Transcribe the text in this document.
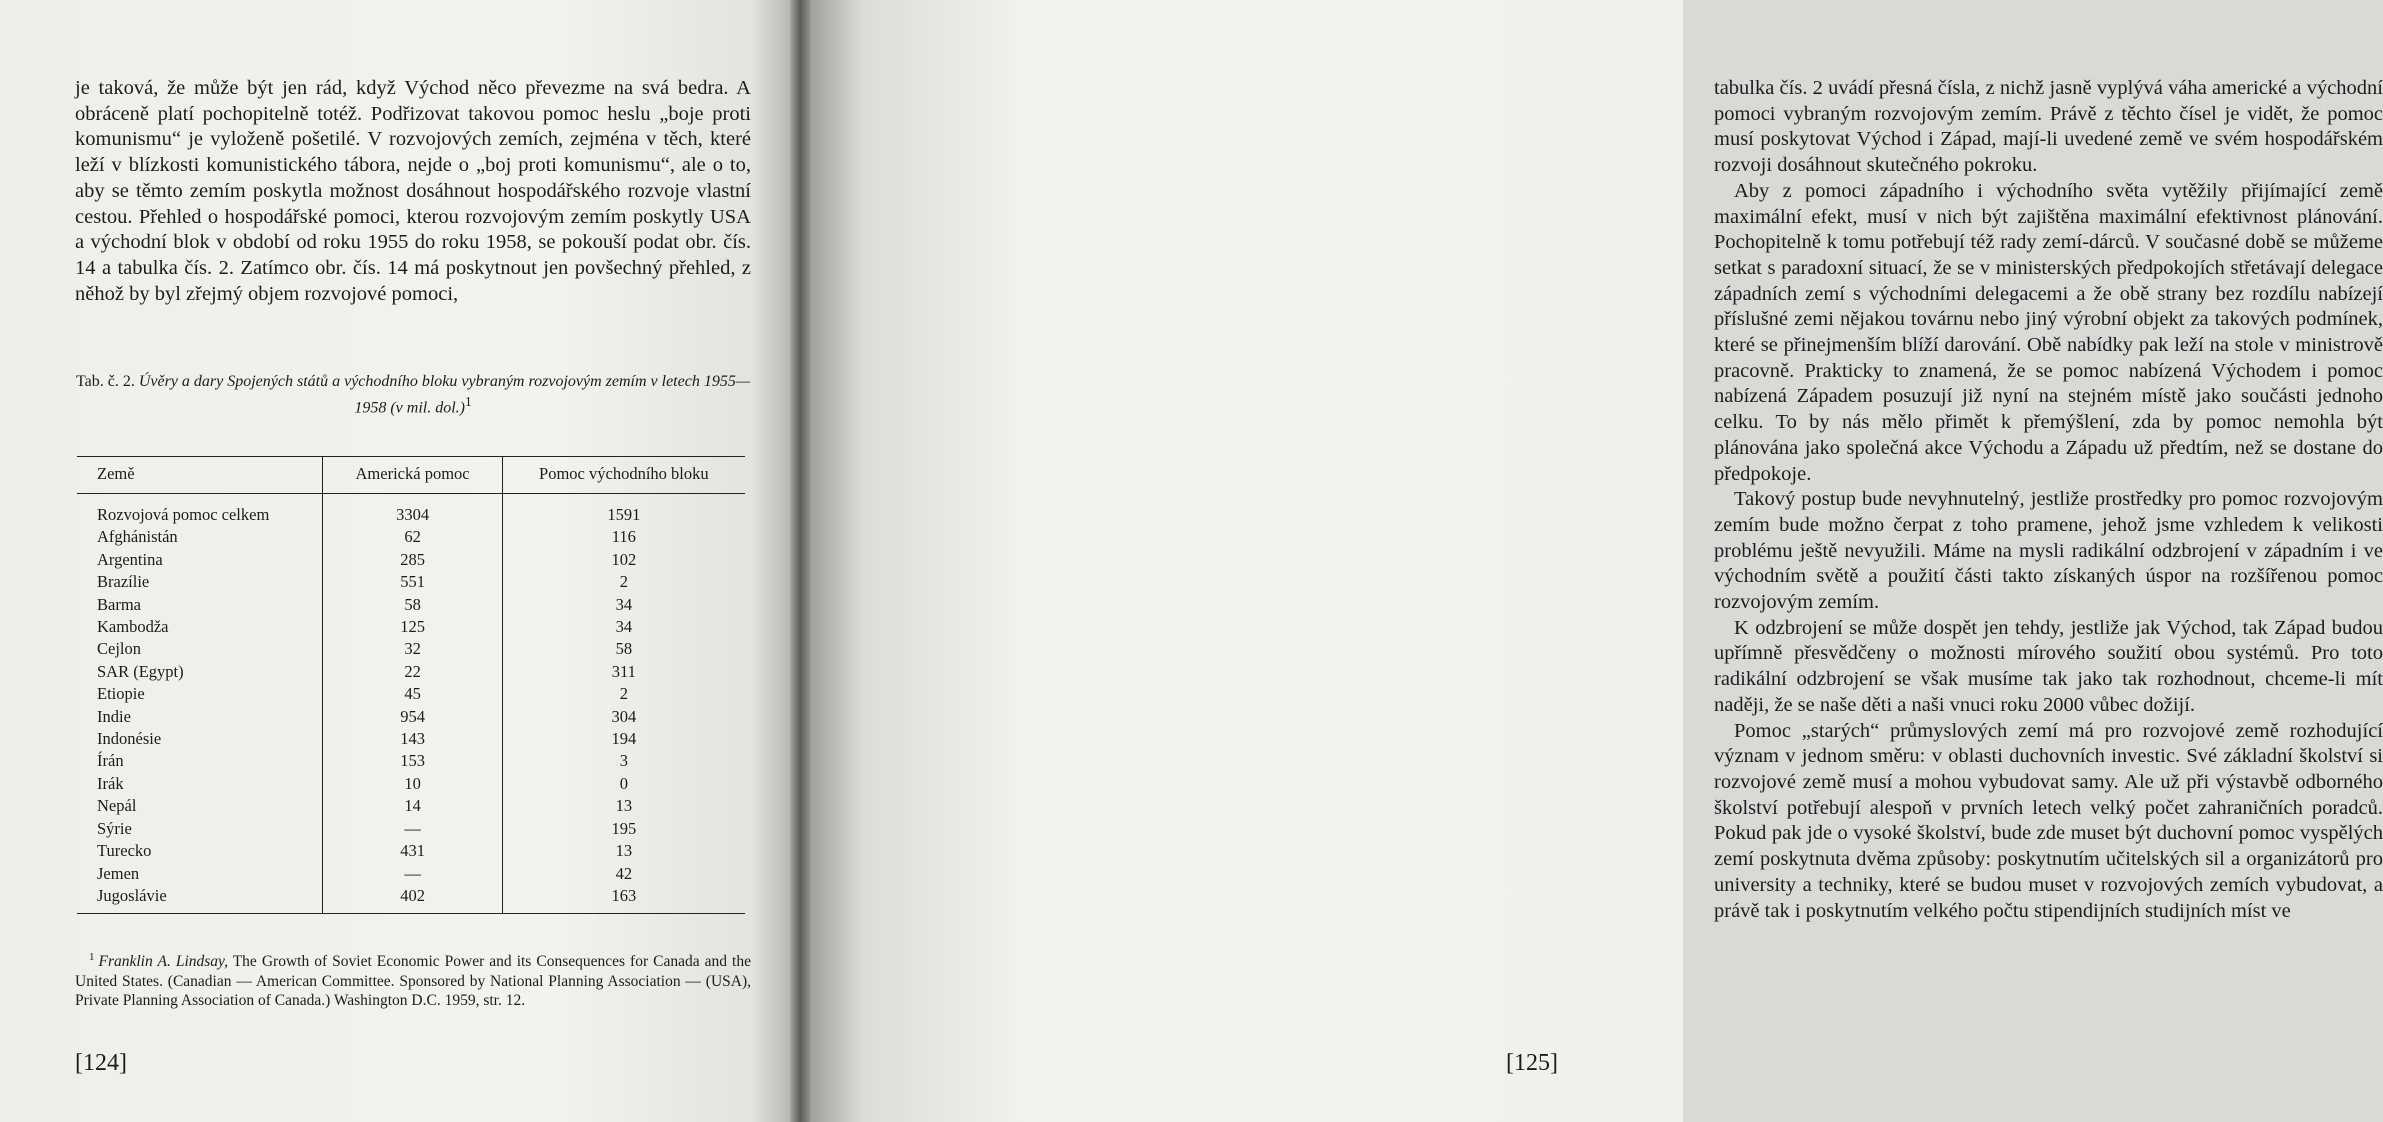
je taková, že může být jen rád, když Východ něco převezme na svá bedra. A obráceně platí pochopitelně totéž. Podřizovat takovou pomoc heslu „boje proti komunismu“ je vyloženě pošetilé. V rozvojových zemích, zejména v těch, které leží v blízkosti komunistického tábora, nejde o „boj proti komunismu“, ale o to, aby se těmto zemím poskytla možnost dosáhnout hospodářského rozvoje vlastní cestou. Přehled o hospodářské pomoci, kterou rozvojovým zemím poskytly USA a východní blok v období od roku 1955 do roku 1958, se pokouší podat obr. čís. 14 a tabulka čís. 2. Zatímco obr. čís. 14 má poskytnout jen povšechný přehled, z něhož by byl zřejmý objem rozvojové pomoci,

Tab. č. 2. Úvěry a dary Spojených států a východního bloku vybraným rozvojovým zemím v letech 1955—1958 (v mil. dol.)$^1$
Země	Americká pomoc	Pomoc východního bloku
Rozvojová pomoc celkem	3304	1591
Afghánistán	62	116
Argentina	285	102
Brazílie	551	2
Barma	58	34
Kambodža	125	34
Cejlon	32	58
SAR (Egypt)	22	311
Etiopie	45	2
Indie	954	304
Indonésie	143	194
Írán	153	3
Irák	10	0
Nepál	14	13
Sýrie	—	195
Turecko	431	13
Jemen	—	42
Jugoslávie	402	163
$^1$ Franklin A. Lindsay, The Growth of Soviet Economic Power and its Consequences for Canada and the United States. (Canadian — American Committee. Sponsored by National Planning Association — (USA), Private Planning Association of Canada.) Washington D.C. 1959, str. 12.
[124]

tabulka čís. 2 uvádí přesná čísla, z nichž jasně vyplývá váha americké a východní pomoci vybraným rozvojovým zemím. Právě z těchto čísel je vidět, že pomoc musí poskytovat Východ i Západ, mají-li uvedené země ve svém hospodářském rozvoji dosáhnout skutečného pokroku.

Aby z pomoci západního i východního světa vytěžily přijímající země maximální efekt, musí v nich být zajištěna maximální efektivnost plánování. Pochopitelně k tomu potřebují též rady zemí-dárců. V současné době se můžeme setkat s paradoxní situací, že se v ministerských předpokojích střetávají delegace západních zemí s východními delegacemi a že obě strany bez rozdílu nabízejí příslušné zemi nějakou továrnu nebo jiný výrobní objekt za takových podmínek, které se přinejmenším blíží darování. Obě nabídky pak leží na stole v ministrově pracovně. Prakticky to znamená, že se pomoc nabízená Východem i pomoc nabízená Západem posuzují již nyní na stejném místě jako součásti jednoho celku. To by nás mělo přimět k přemýšlení, zda by pomoc nemohla být plánována jako společná akce Východu a Západu už předtím, než se dostane do předpokoje.

Takový postup bude nevyhnutelný, jestliže prostředky pro pomoc rozvojovým zemím bude možno čerpat z toho pramene, jehož jsme vzhledem k velikosti problému ještě nevyužili. Máme na mysli radikální odzbrojení v západním i ve východním světě a použití části takto získaných úspor na rozšířenou pomoc rozvojovým zemím.

K odzbrojení se může dospět jen tehdy, jestliže jak Východ, tak Západ budou upřímně přesvědčeny o možnosti mírového soužití obou systémů. Pro toto radikální odzbrojení se však musíme tak jako tak rozhodnout, chceme-li mít naději, že se naše děti a naši vnuci roku 2000 vůbec dožijí.

Pomoc „starých“ průmyslových zemí má pro rozvojové země rozhodující význam v jednom směru: v oblasti duchovních investic. Své základní školství si rozvojové země musí a mohou vybudovat samy. Ale už při výstavbě odborného školství potřebují alespoň v prvních letech velký počet zahraničních poradců. Pokud pak jde o vysoké školství, bude zde muset být duchovní pomoc vyspělých zemí poskytnuta dvěma způsoby: poskytnutím učitelských sil a organizátorů pro university a techniky, které se budou muset v rozvojových zemích vybudovat, a právě tak i poskytnutím velkého počtu stipendijních studijních míst ve

[125]
